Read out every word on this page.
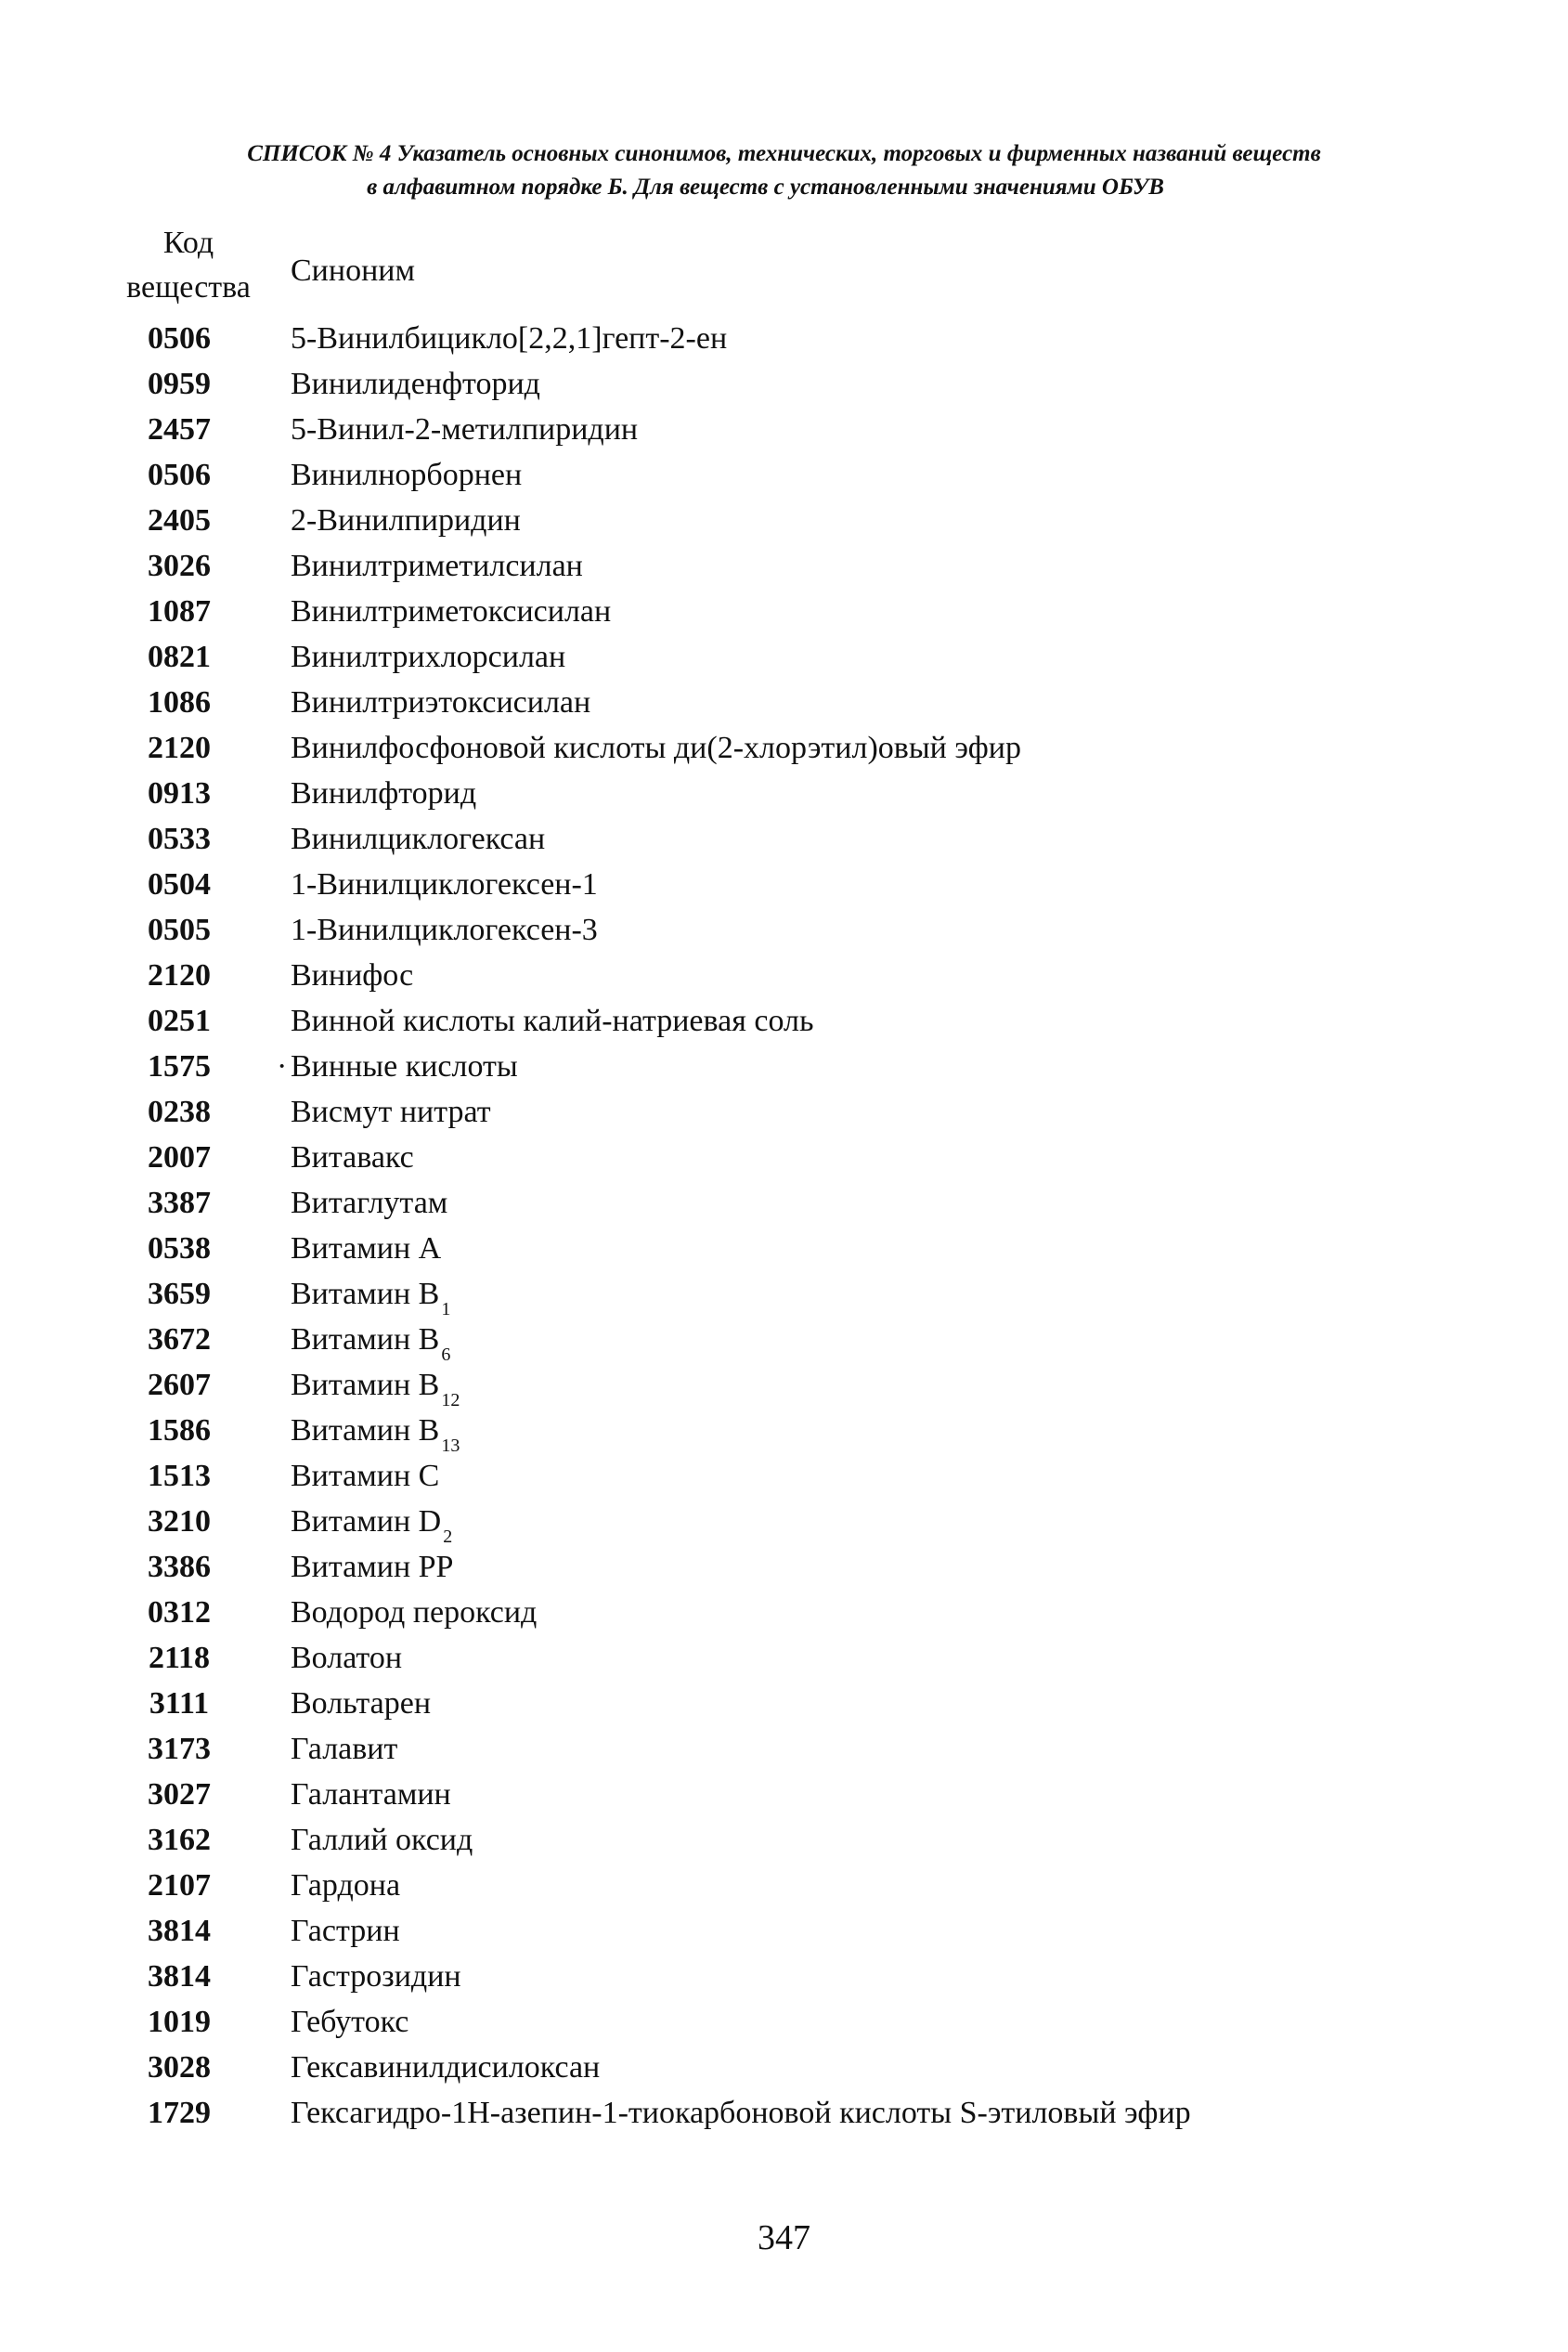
СПИСОК № 4 Указатель основных синонимов, технических, торговых и фирменных названий веществ
в алфавитном порядке Б. Для веществ с установленными значениями ОБУВ
Код
вещества	Синоним
0506	5-Винилбицикло[2,2,1]гепт-2-ен
0959	Винилиденфторид
2457	5-Винил-2-метилпиридин
0506	Винилнорборнен
2405	2-Винилпиридин
3026	Винилтриметилсилан
1087	Винилтриметоксисилан
0821	Винилтрихлорсилан
1086	Винилтриэтоксисилан
2120	Винилфосфоновой кислоты ди(2-хлорэтил)овый эфир
0913	Винилфторид
0533	Винилциклогексан
0504	1-Винилциклогексен-1
0505	1-Винилциклогексен-3
2120	Винифос
0251	Винной кислоты калий-натриевая соль
1575	· Винные кислоты
0238	Висмут нитрат
2007	Витавакс
3387	Витаглутам
0538	Витамин А
3659	Витамин В $_1$
3672	Витамин В $_6$
2607	Витамин В $_{12}$
1586	Витамин В $_{13}$
1513	Витамин С
3210	Витамин D $_2$
3386	Витамин РР
0312	Водород пероксид
2118	Волатон
3111	Вольтарен
3173	Галавит
3027	Галантамин
3162	Галлий оксид
2107	Гардона
3814	Гастрин
3814	Гастрозидин
1019	Гебутокс
3028	Гексавинилдисилоксан
1729	Гексагидро-1Н-азепин-1-тиокарбоновой кислоты S-этиловый эфир
347
